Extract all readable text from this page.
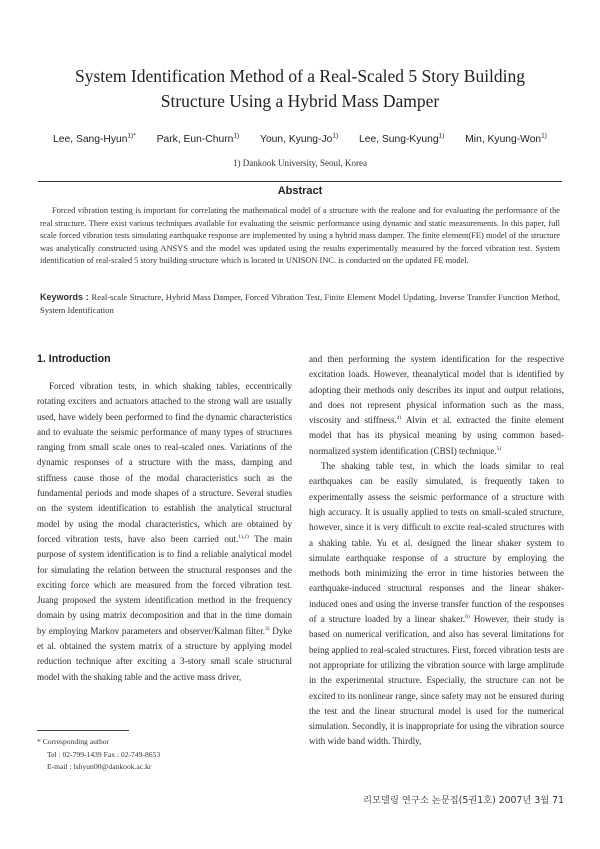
System Identification Method of a Real-Scaled 5 Story Building
Structure Using a Hybrid Mass Damper
Lee, Sang-Hyun$^{1)*}$ Park, Eun-Churn$^{1)}$ Youn, Kyung-Jo$^{1)}$ Lee, Sung-Kyung$^{1)}$ Min, Kyung-Won$^{1)}$
1) Dankook University, Seoul, Korea
Abstract

Forced vibration testing is important for correlating the mathematical model of a structure with the realone and for evaluating the performance of the real structure. There exist various techniques available for evaluating the seismic performance using dynamic and static measurements. In this paper, full scale forced vibration tests simulating earthquake response are implemented by using a hybrid mass damper. The finite element(FE) model of the structure was analytically constructed using ANSYS and the model was updated using the results experimentally measured by the forced vibration test. System identification of real-scaled 5 story building structure which is located in UNISON INC. is conducted on the updated FE model.

Keywords : Real-scale Structure, Hybrid Mass Damper, Forced Vibration Test, Finite Element Model Updating, Inverse Transfer Function Method, System Identification

1. Introduction

Forced vibration tests, in which shaking tables, eccentrically rotating exciters and actuators attached to the strong wall are usually used, have widely been performed to find the dynamic characteristics and to evaluate the seismic performance of many types of structures ranging from small scale ones to real-scaled ones. Variations of the dynamic responses of a structure with the mass, damping and stiffness cause those of the modal characteristics such as the fundamental periods and mode shapes of a structure. Several studies on the system identification to establish the analytical structural model by using the modal characteristics, which are obtained by forced vibration tests, have also been carried out.$^{1),2)}$ The main purpose of system identification is to find a reliable analytical model for simulating the relation between the structural responses and the exciting force which are measured from the forced vibration test. Juang proposed the system identification method in the frequency domain by using matrix decomposition and that in the time domain by employing Markov parameters and observer/Kalman filter.$^{3)}$ Dyke et al. obtained the system matrix of a structure by applying model reduction technique after exciting a 3-story small scale structural model with the shaking table and the active mass driver,

and then performing the system identification for the respective excitation loads. However, theanalytical model that is identified by adopting their methods only describes its input and output relations, and does not represent physical information such as the mass, viscosity and stiffness.$^{4)}$ Alvin et al. extracted the finite element model that has its physical meaning by using common based-normalized system identification (CBSI) technique.$^{5)}$

The shaking table test, in which the loads similar to real earthquakes can be easily simulated, is frequently taken to experimentally assess the seismic performance of a structure with high accuracy. It is usually applied to tests on small-scaled structure, however, since it is very difficult to excite real-scaled structures with a shaking table. Yu et al. designed the linear shaker system to simulate earthquake response of a structure by employing the methods both minimizing the error in time histories between the earthquake-induced structural responses and the linear shaker-induced ones and using the inverse transfer function of the responses of a structure loaded by a linear shaker.$^{6)}$ However, their study is based on numerical verification, and also has several limitations for being applied to real-scaled structures. First, forced vibration tests are not appropriate for utilizing the vibration source with large amplitude in the experimental structure. Especially, the structure can not be excited to its nonlinear range, since safety may not be ensured during the test and the linear structural model is used for the numerical simulation. Secondly, it is inappropriate for using the vibration source with wide band width. Thirdly,

* Corresponding author
Tel : 02-799-1439 Fax : 02-749-8653
E-mail : lshyun00@dankook.ac.kr
리모델링 연구소 논문집(5권1호) 2007년 3월 71
